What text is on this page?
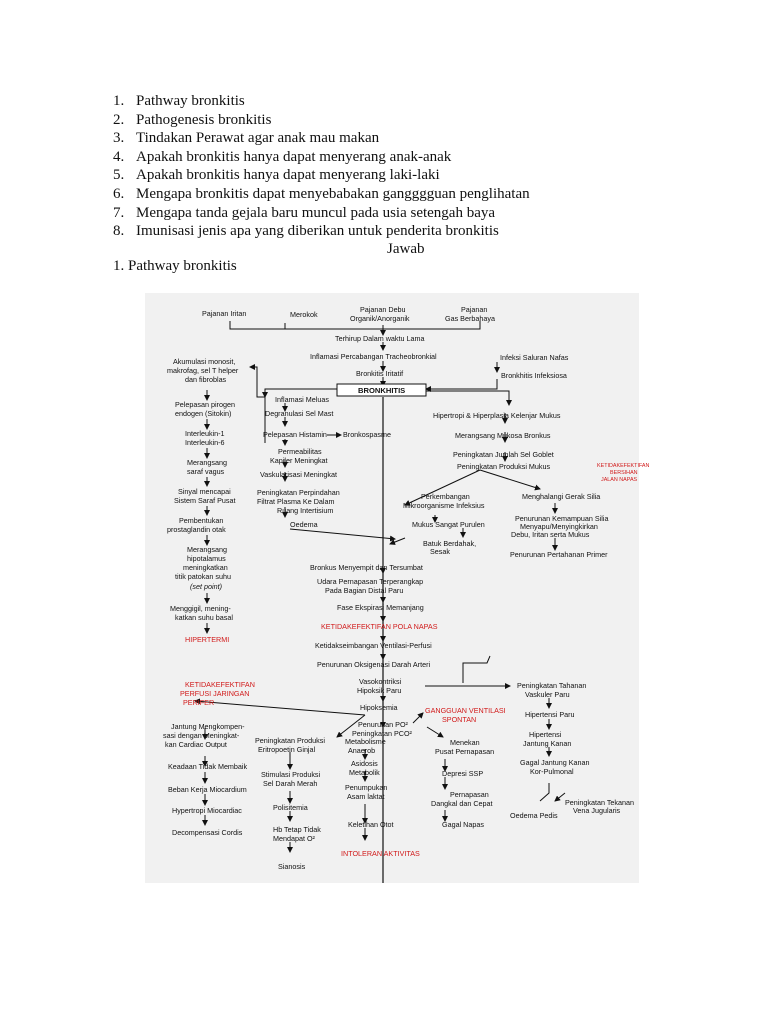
1. Pathway bronkitis
2. Pathogenesis bronkitis
3. Tindakan Perawat agar anak mau makan
4. Apakah bronkitis hanya dapat menyerang anak-anak
5. Apakah bronkitis hanya dapat menyerang laki-laki
6. Mengapa bronkitis dapat menyebabakan gangggguan penglihatan
7. Mengapa tanda gejala baru muncul pada usia setengah baya
8. Imunisasi jenis apa yang diberikan untuk penderita bronkitis
Jawab
1. Pathway bronkitis
Pajanan Iritan	Merokok
Pajanan Debu
Organik/Anorganik
Pajanan
Gas Berbahaya
Terhirup Dalam waktu Lama
Inflamasi Percabangan Tracheobronkial
Bronkitis Iritatif
BRONKHITIS
Infeksi Saluran Nafas
Bronkhitis Infeksiosa
Akumulasi monosit,
makrofag, sel T helper
dan fibroblas
Pelepasan pirogen
endogen (Sitokin)
Interleukin-1
Interleukin-6
Merangsang
saraf vagus
Sinyal mencapai
Sistem Saraf Pusat
Pembentukan
prostaglandin otak
Merangsang
hipotalamus
meningkatkan
titik patokan suhu
(set point)
Menggigil, mening-
katkan suhu basal
HIPERTERMI
Inflamasi Meluas
Degranulasi Sel Mast
Pelepasan Histamin Bronkospasme
Permeabilitas
Kapiler Meningkat
Vaskularisasi Meningkat
Peningkatan Perpindahan
Filtrat Plasma Ke Dalam
Ruang Intertisium
Oedema
Hipertropi & Hiperplasia Kelenjar Mukus
Merangsang Mukosa Bronkus
Peningkatan Jumlah Sel Goblet
Peningkatan Produksi Mukus	KETIDAKEFEKTIFAN
BERSIHAN
JALAN NAPAS
Perkembangan
Mikroorganisme Infeksius
Mukus Sangat Purulen
Batuk Berdahak,
Sesak
Menghalangi Gerak Silia
Penurunan Kemampuan Silia
Menyapu/Menyingkirkan
Debu, Iritan serta Mukus
Penurunan Pertahanan Primer
Bronkus Menyempit dan Tersumbat
Udara Pernapasan Terperangkap
Pada Bagian Distal Paru
Fase Ekspirasi Memanjang
KETIDAKEFEKTIFAN POLA NAPAS
Ketidakseimbangan Ventilasi-Perfusi
Penurunan Oksigenasi Darah Arteri
Vasokontriksi
Hipoksik Paru
Hipoksemia
Penurunan PO²
Peningkatan PCO²
GANGGUAN VENTILASI
SPONTAN
KETIDAKEFEKTIFAN
PERFUSI JARINGAN
PERIFER
Jantung Mengkompen-
sasi dengan Meningkat-
kan Cardiac Output
Keadaan Tidak Membaik
Beban Kerja Miocardium
Hypertropi Miocardiac
Decompensasi Cordis
Peningkatan Produksi
Eritropoetin Ginjal
Stimulasi Produksi
Sel Darah Merah
Polisitemia
Hb Tetap Tidak
Mendapat O²
Sianosis
Metabolisme
Anaerob
Asidosis
Metabolik
Penumpukan
Asam laktat
Keletihan Otot
INTOLERAN AKTIVITAS
Menekan
Pusat Pernapasan
Depresi SSP
Pernapasan
Dangkal dan Cepat
Gagal Napas
Peningkatan Tahanan
Vaskuler Paru
Hipertensi Paru
Hipertensi
Jantung Kanan
Gagal Jantung Kanan
Kor-Pulmonal
Peningkatan Tekanan
Vena Jugularis
Oedema Pedis
